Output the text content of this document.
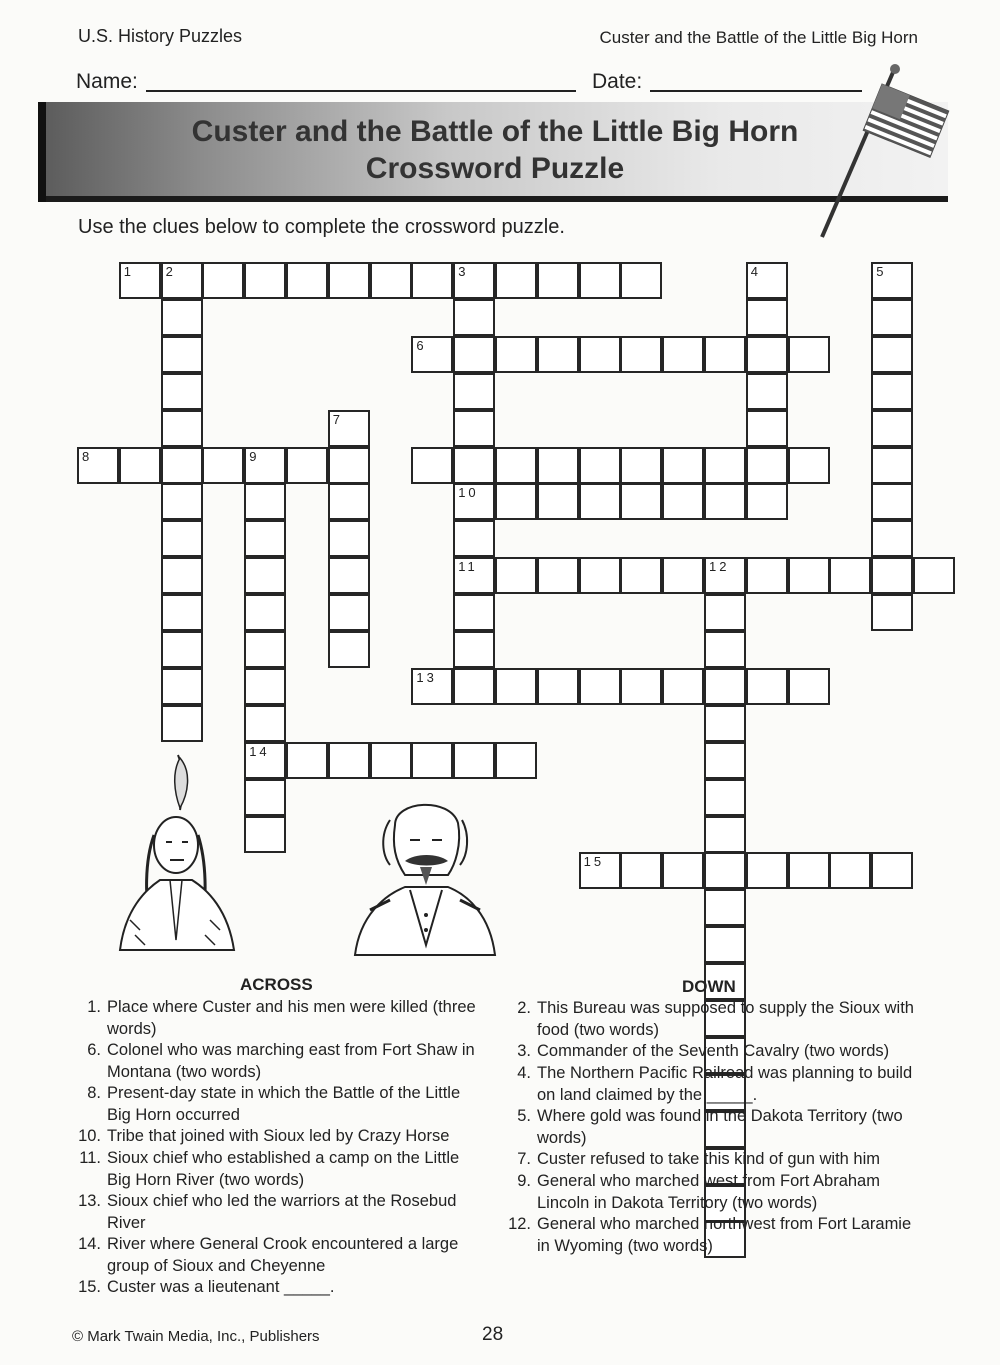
U.S. History Puzzles	Custer and the Battle of the Little Big Horn
Name:	Date:
Custer and the Battle of the Little Big Horn
Crossword Puzzle
Use the clues below to complete the crossword puzzle.
1 2	3
6
8	9
10
11	12
13
14
15
4	5
7
ACROSS	DOWN
1. Place where Custer and his men were killed (three words)
6. Colonel who was marching east from Fort Shaw in Montana (two words)
8. Present-day state in which the Battle of the Little Big Horn occurred
10. Tribe that joined with Sioux led by Crazy Horse
11. Sioux chief who established a camp on the Little Big Horn River (two words)
13. Sioux chief who led the warriors at the Rosebud River
14. River where General Crook encountered a large group of Sioux and Cheyenne
15. Custer was a lieutenant _____.
2. This Bureau was supposed to supply the Sioux with food (two words)
3. Commander of the Seventh Cavalry (two words)
4. The Northern Pacific Railroad was planning to build on land claimed by the _____.
5. Where gold was found in the Dakota Territory (two words)
7. Custer refused to take this kind of gun with him
9. General who marched west from Fort Abraham Lincoln in Dakota Territory (two words)
12. General who marched northwest from Fort Laramie in Wyoming (two words)
© Mark Twain Media, Inc., Publishers	28
